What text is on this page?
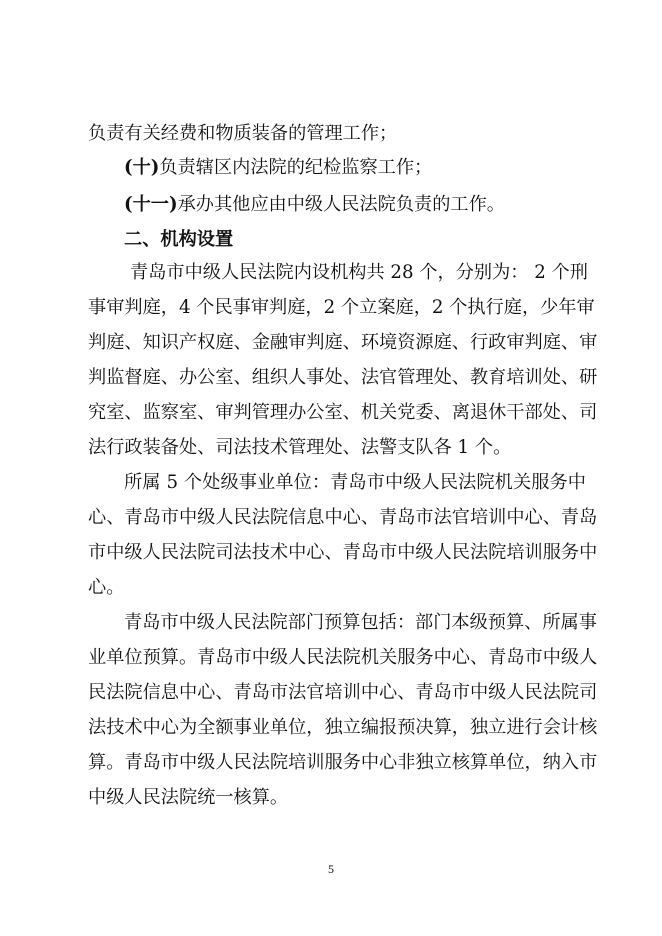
负责有关经费和物质装备的管理工作；
(十)负责辖区内法院的纪检监察工作；
(十一)承办其他应由中级人民法院负责的工作。
二、机构设置
青岛市中级人民法院内设机构共 28 个，分别为： 2 个刑
事审判庭，4 个民事审判庭，2 个立案庭，2 个执行庭，少年审
判庭、知识产权庭、金融审判庭、环境资源庭、行政审判庭、审
判监督庭、办公室、组织人事处、法官管理处、教育培训处、研
究室、监察室、审判管理办公室、机关党委、离退休干部处、司
法行政装备处、司法技术管理处、法警支队各 1 个。
所属 5 个处级事业单位：青岛市中级人民法院机关服务中
心、青岛市中级人民法院信息中心、青岛市法官培训中心、青岛
市中级人民法院司法技术中心、青岛市中级人民法院培训服务中
心。
青岛市中级人民法院部门预算包括：部门本级预算、所属事
业单位预算。青岛市中级人民法院机关服务中心、青岛市中级人
民法院信息中心、青岛市法官培训中心、青岛市中级人民法院司
法技术中心为全额事业单位，独立编报预决算，独立进行会计核
算。青岛市中级人民法院培训服务中心非独立核算单位，纳入市
中级人民法院统一核算。
5
